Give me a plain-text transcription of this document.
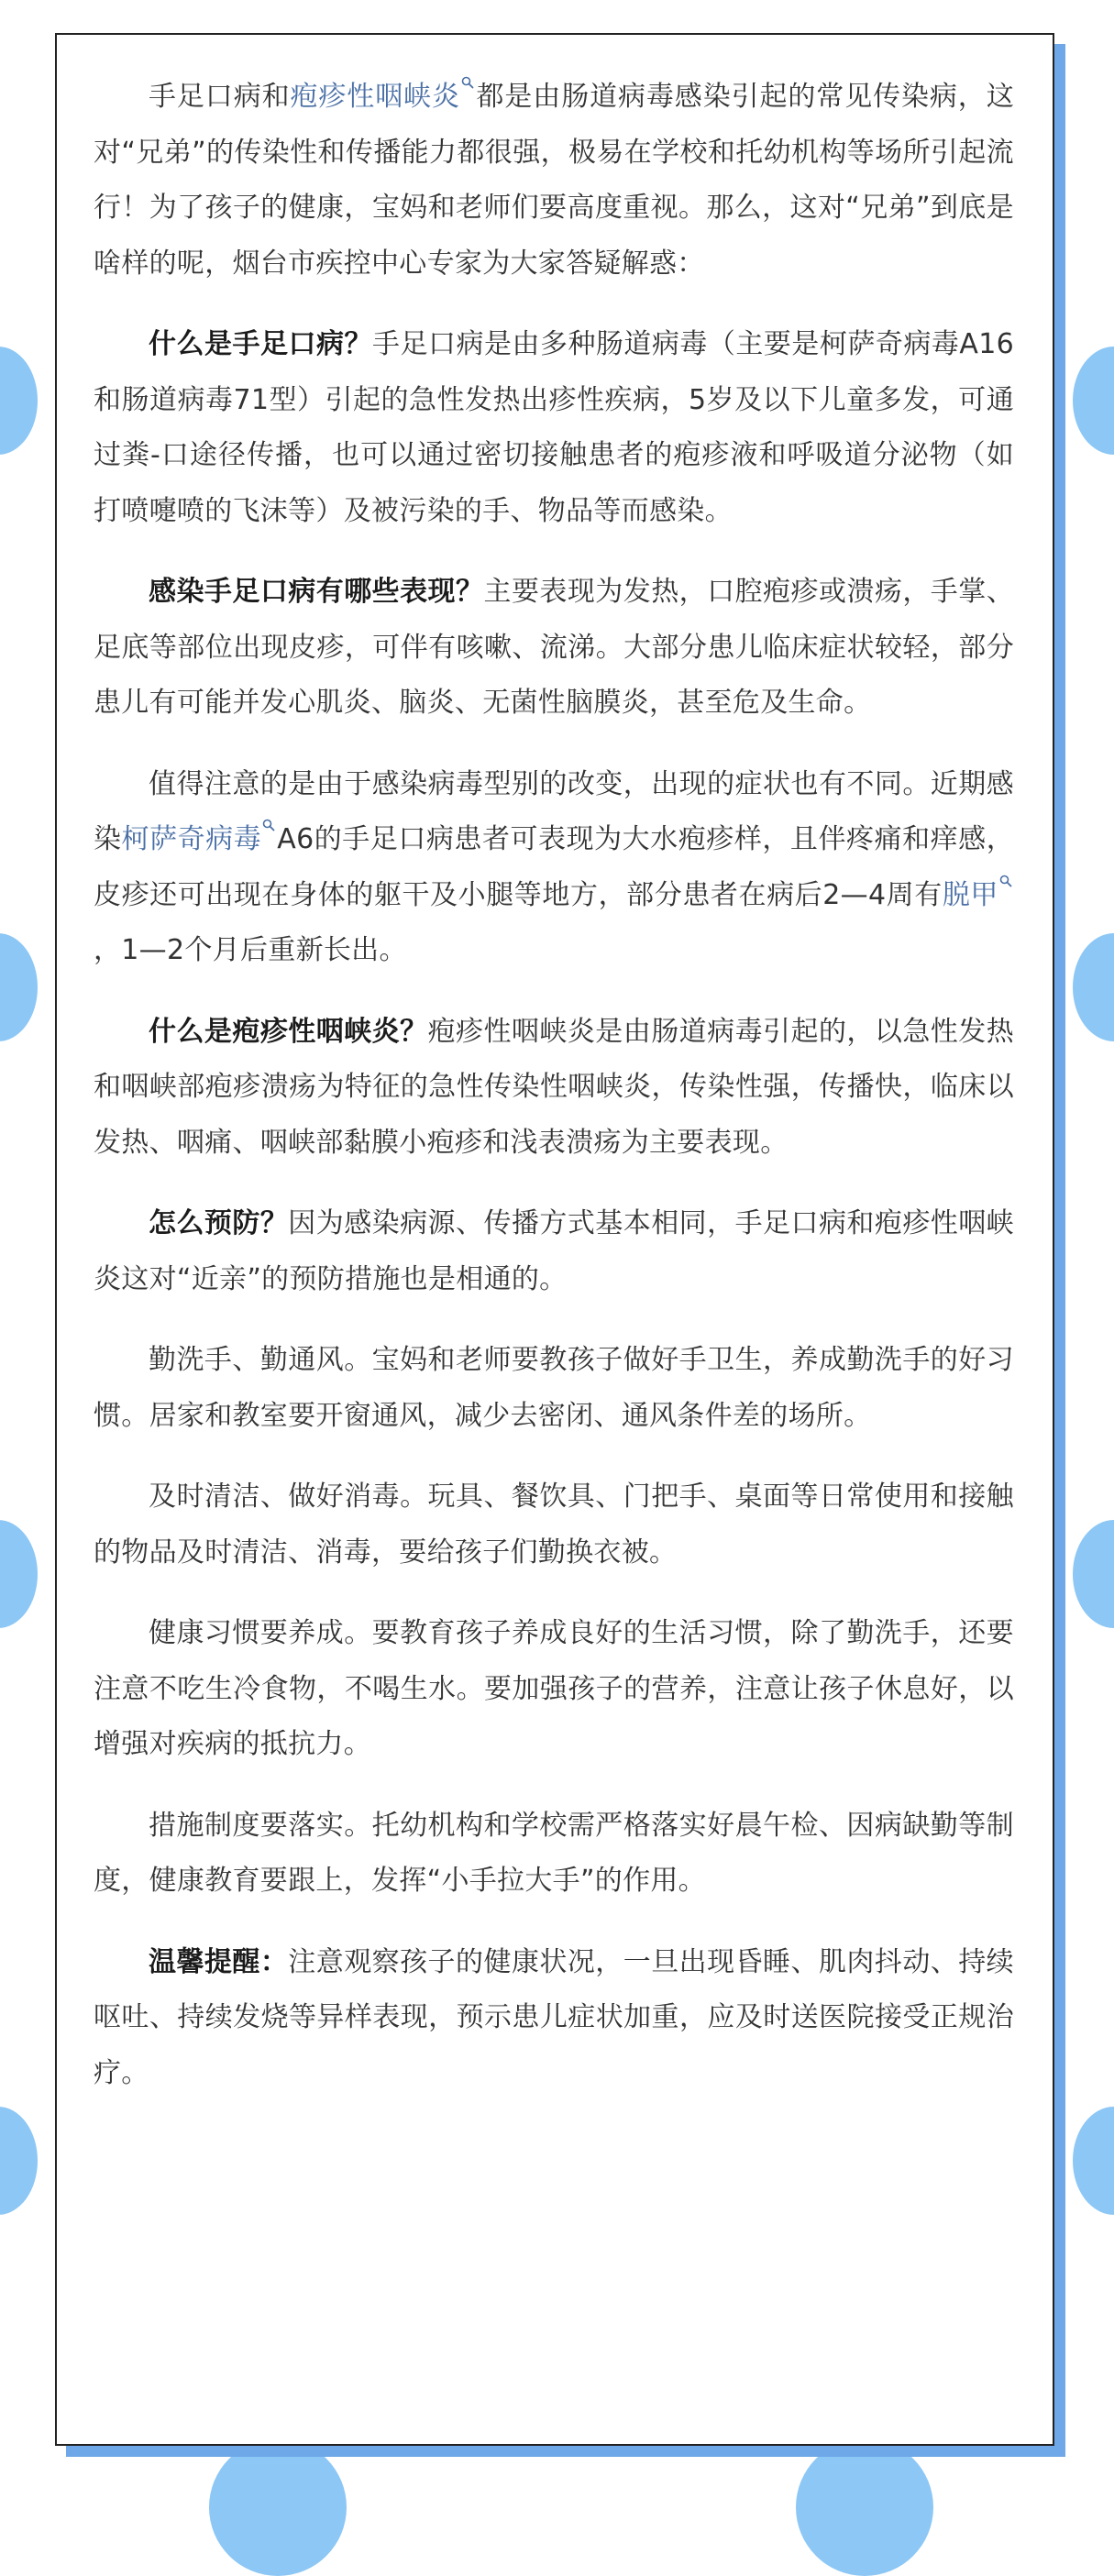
手足口病和疱疹性咽峡炎 都是由肠道病毒感染引起的常见传染病，这对“兄弟”的传染性和传播能力都很强，极易在学校和托幼机构等场所引起流行！为了孩子的健康，宝妈和老师们要高度重视。那么，这对“兄弟”到底是啥样的呢，烟台市疾控中心专家为大家答疑解惑：

什么是手足口病？手足口病是由多种肠道病毒（主要是柯萨奇病毒A16和肠道病毒71型）引起的急性发热出疹性疾病，5岁及以下儿童多发，可通过粪-口途径传播，也可以通过密切接触患者的疱疹液和呼吸道分泌物（如打喷嚏喷的飞沫等）及被污染的手、物品等而感染。

感染手足口病有哪些表现？主要表现为发热，口腔疱疹或溃疡，手掌、足底等部位出现皮疹，可伴有咳嗽、流涕。大部分患儿临床症状较轻，部分患儿有可能并发心肌炎、脑炎、无菌性脑膜炎，甚至危及生命。

值得注意的是由于感染病毒型别的改变，出现的症状也有不同。近期感染柯萨奇病毒 A6的手足口病患者可表现为大水疱疹样，且伴疼痛和痒感，皮疹还可出现在身体的躯干及小腿等地方，部分患者在病后2—4周有脱甲
，1—2个月后重新长出。

什么是疱疹性咽峡炎？疱疹性咽峡炎是由肠道病毒引起的，以急性发热和咽峡部疱疹溃疡为特征的急性传染性咽峡炎，传染性强，传播快，临床以发热、咽痛、咽峡部黏膜小疱疹和浅表溃疡为主要表现。

怎么预防？因为感染病源、传播方式基本相同，手足口病和疱疹性咽峡炎这对“近亲”的预防措施也是相通的。

勤洗手、勤通风。宝妈和老师要教孩子做好手卫生，养成勤洗手的好习惯。居家和教室要开窗通风，减少去密闭、通风条件差的场所。

及时清洁、做好消毒。玩具、餐饮具、门把手、桌面等日常使用和接触的物品及时清洁、消毒，要给孩子们勤换衣被。

健康习惯要养成。要教育孩子养成良好的生活习惯，除了勤洗手，还要注意不吃生冷食物，不喝生水。要加强孩子的营养，注意让孩子休息好，以增强对疾病的抵抗力。

措施制度要落实。托幼机构和学校需严格落实好晨午检、因病缺勤等制度，健康教育要跟上，发挥“小手拉大手”的作用。

温馨提醒：注意观察孩子的健康状况，一旦出现昏睡、肌肉抖动、持续呕吐、持续发烧等异样表现，预示患儿症状加重，应及时送医院接受正规治疗。
